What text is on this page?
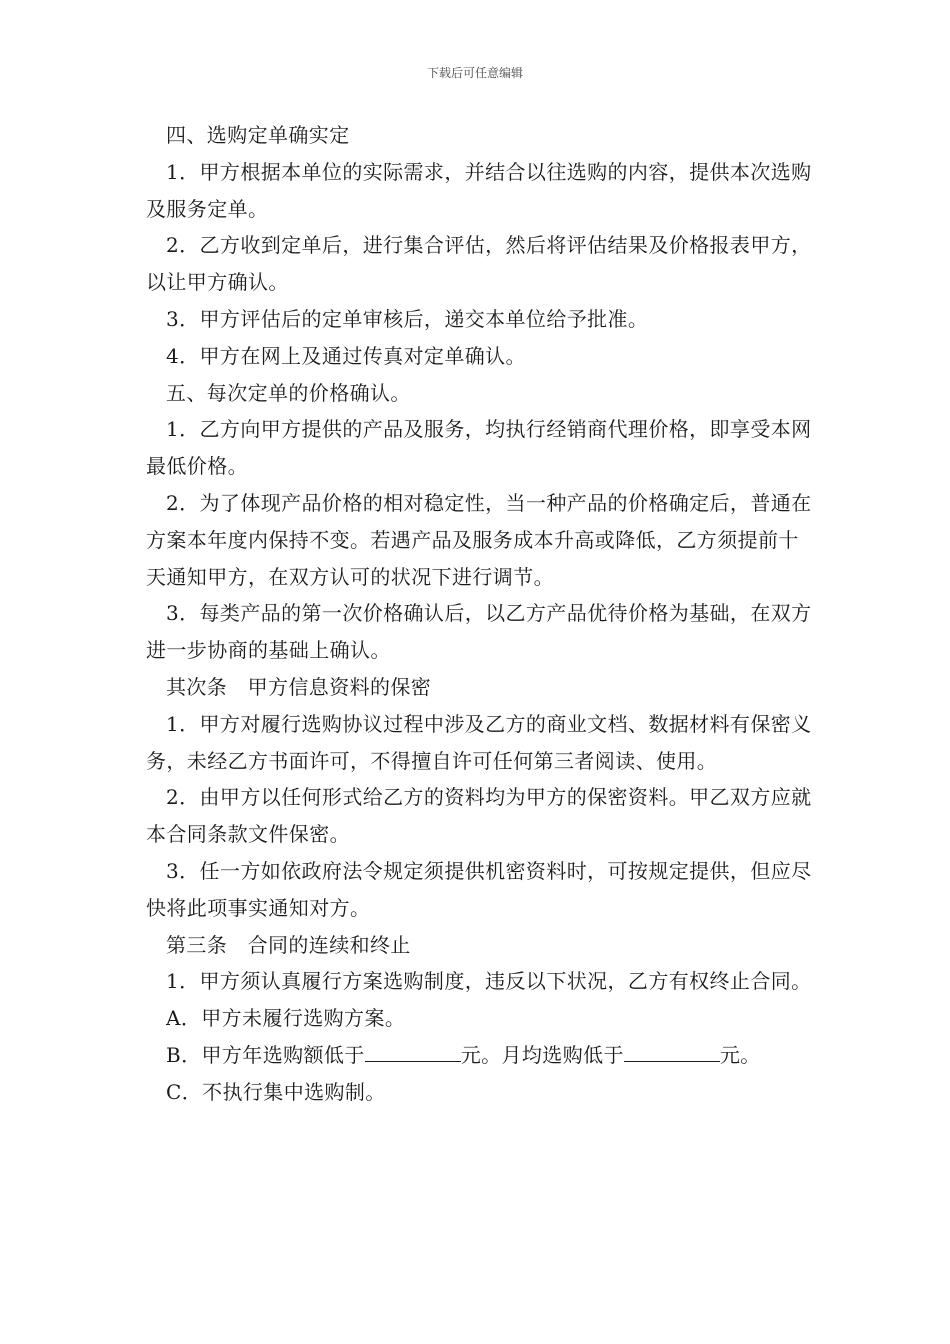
下载后可任意编辑

四、选购定单确实定

1．甲方根据本单位的实际需求，并结合以往选购的内容，提供本次选购及服务定单。

2．乙方收到定单后，进行集合评估，然后将评估结果及价格报表甲方，以让甲方确认。

3．甲方评估后的定单审核后，递交本单位给予批准。

4．甲方在网上及通过传真对定单确认。

五、每次定单的价格确认。

1．乙方向甲方提供的产品及服务，均执行经销商代理价格，即享受本网最低价格。

2．为了体现产品价格的相对稳定性，当一种产品的价格确定后，普通在方案本年度内保持不变。若遇产品及服务成本升高或降低，乙方须提前十天通知甲方，在双方认可的状况下进行调节。

3．每类产品的第一次价格确认后，以乙方产品优待价格为基础，在双方进一步协商的基础上确认。

其次条　甲方信息资料的保密

1．甲方对履行选购协议过程中涉及乙方的商业文档、数据材料有保密义务，未经乙方书面许可，不得擅自许可任何第三者阅读、使用。

2．由甲方以任何形式给乙方的资料均为甲方的保密资料。甲乙双方应就本合同条款文件保密。

3．任一方如依政府法令规定须提供机密资料时，可按规定提供，但应尽快将此项事实通知对方。

第三条　合同的连续和终止

1．甲方须认真履行方案选购制度，违反以下状况，乙方有权终止合同。

A．甲方未履行选购方案。

B．甲方年选购额低于	元。月均选购低于	元。

C．不执行集中选购制。
